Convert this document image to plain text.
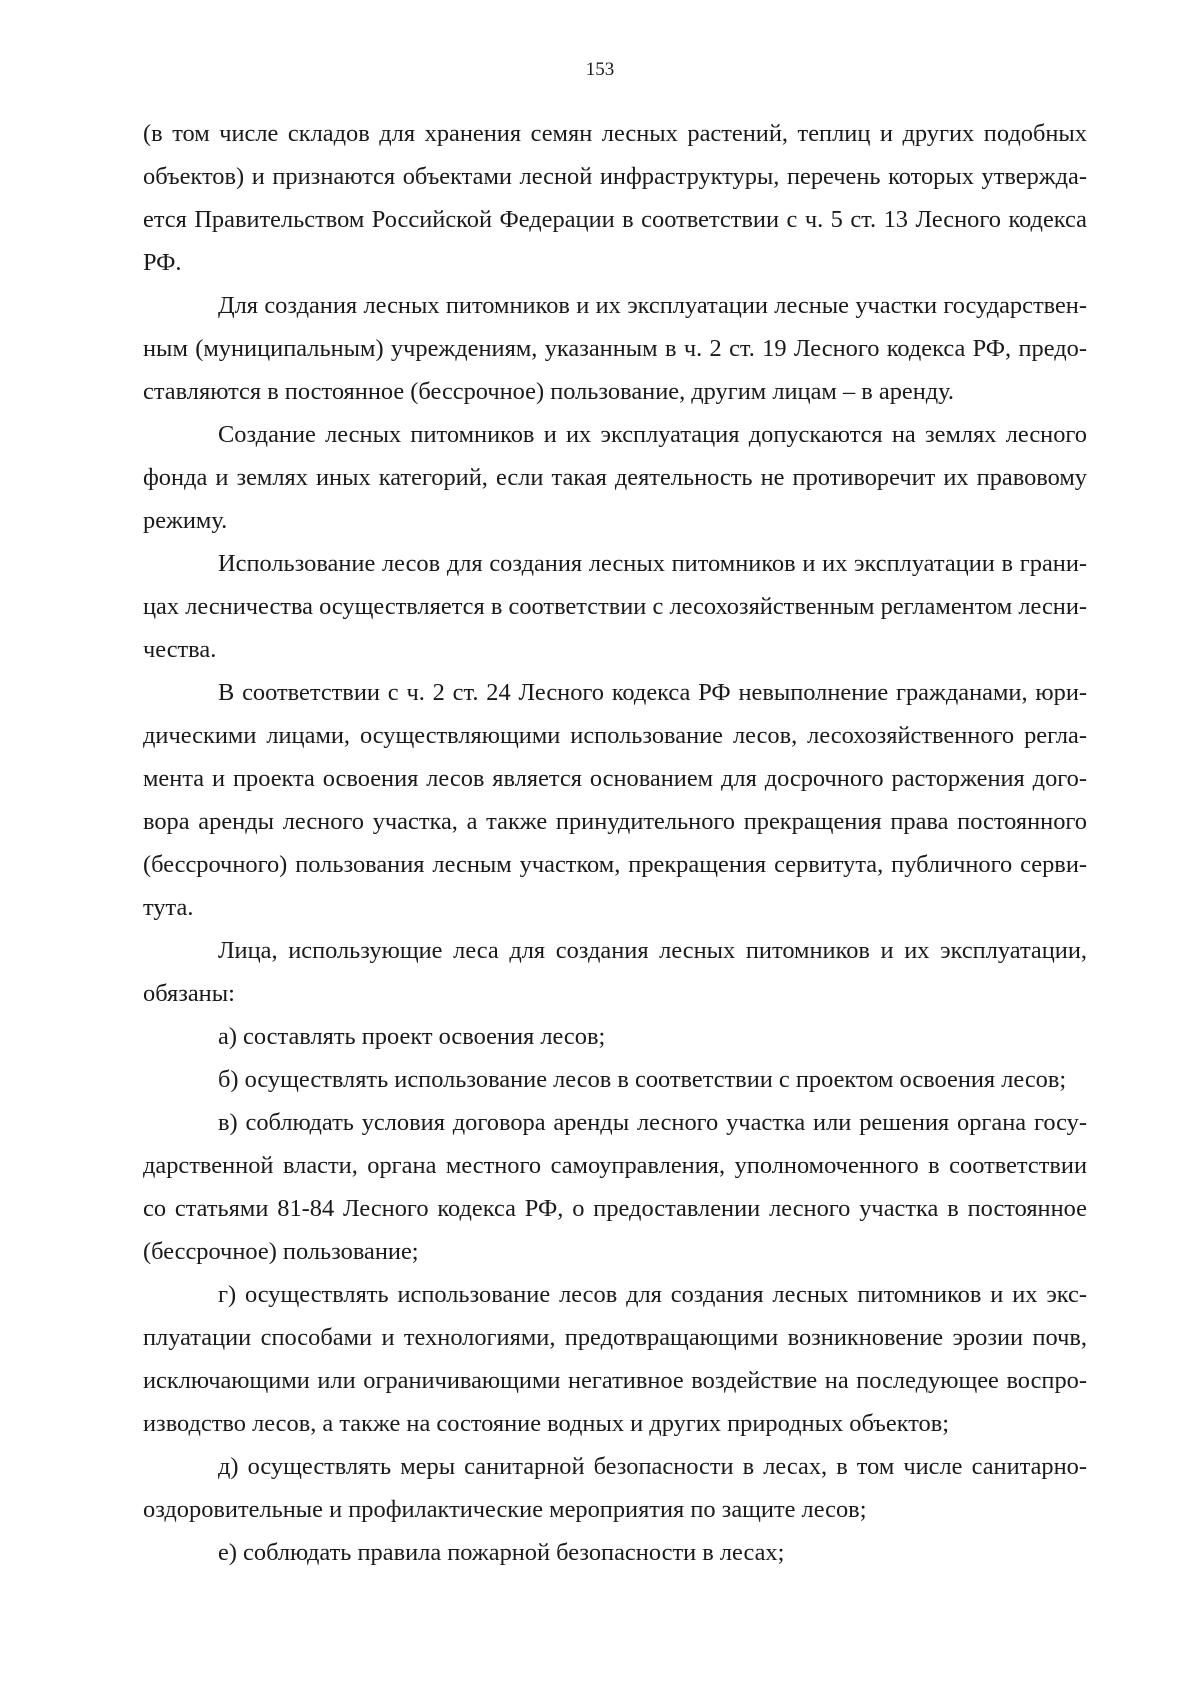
153
(в том числе складов для хранения семян лесных растений, теплиц и других подобных
объектов) и признаются объектами лесной инфраструктуры, перечень которых утвержда-
ется Правительством Российской Федерации в соответствии с ч. 5 ст. 13 Лесного кодекса
РФ.
Для создания лесных питомников и их эксплуатации лесные участки государствен-
ным (муниципальным) учреждениям, указанным в ч. 2 ст. 19 Лесного кодекса РФ, предо-
ставляются в постоянное (бессрочное) пользование, другим лицам – в аренду.
Создание лесных питомников и их эксплуатация допускаются на землях лесного
фонда и землях иных категорий, если такая деятельность не противоречит их правовому
режиму.
Использование лесов для создания лесных питомников и их эксплуатации в грани-
цах лесничества осуществляется в соответствии с лесохозяйственным регламентом лесни-
чества.
В соответствии с ч. 2 ст. 24 Лесного кодекса РФ невыполнение гражданами, юри-
дическими лицами, осуществляющими использование лесов, лесохозяйственного регла-
мента и проекта освоения лесов является основанием для досрочного расторжения дого-
вора аренды лесного участка, а также принудительного прекращения права постоянного
(бессрочного) пользования лесным участком, прекращения сервитута, публичного серви-
тута.
Лица, использующие леса для создания лесных питомников и их эксплуатации,
обязаны:
а) составлять проект освоения лесов;
б) осуществлять использование лесов в соответствии с проектом освоения лесов;
в) соблюдать условия договора аренды лесного участка или решения органа госу-
дарственной власти, органа местного самоуправления, уполномоченного в соответствии
со статьями 81-84 Лесного кодекса РФ, о предоставлении лесного участка в постоянное
(бессрочное) пользование;
г) осуществлять использование лесов для создания лесных питомников и их экс-
плуатации способами и технологиями, предотвращающими возникновение эрозии почв,
исключающими или ограничивающими негативное воздействие на последующее воспро-
изводство лесов, а также на состояние водных и других природных объектов;
д) осуществлять меры санитарной безопасности в лесах, в том числе санитарно-
оздоровительные и профилактические мероприятия по защите лесов;
е) соблюдать правила пожарной безопасности в лесах;
